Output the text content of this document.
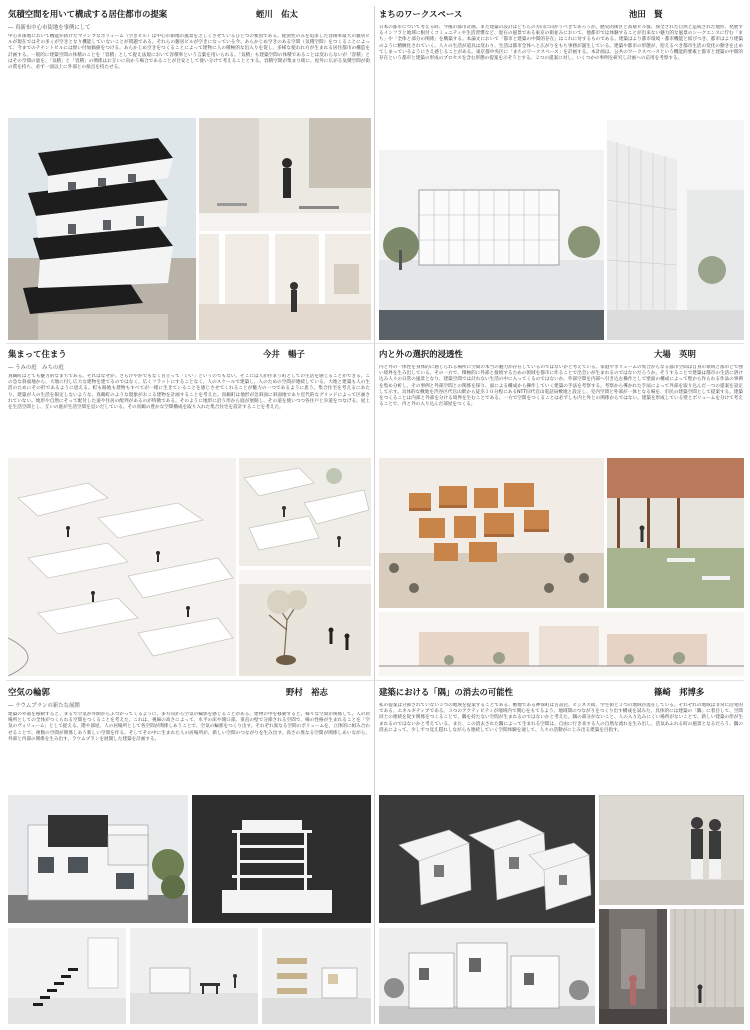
気積空間を用いて構成する居住都市の提案	蛭川　佑太
― 真新布中心市街地を事例にして
中心市街地において機能が抜けたマッシブなボリューム（空きビル）は中心市街地の風景を乏しくさせているひとつの要因である。経済性のみを追求した容積率最大の雑居ビルが現在ではその多くが空きとなり機能していないことが問題である。それらの雑居ビルが空きになっている今、あらかじめ空きのある空間（気積空間）をつくることによって、今までのテナントビルには無い付加価値をつける。あらかじめ空きをつくることによって建物に人の積極的な出入りを促し、多様な使われ方が生まれる居住都市の構造を計画する。一般的に建築空間の体積のことを「容積」として捉え法規において容積率という言葉を用いられる。「気積」も建築空間の体積であることは変わらないが「容積」とはその空間の量を、「気積」と「容積」の関係はお互いに向かう場合であることが目安として使い分けて考えることとする。容積空間が集まり街に、屋外に広がる気積空間が街の質を持ち、必ず一面以上に外部との接点を持たせる。
まちのワークスペース	池田　賢
日本の都市について考える時、今後の都市計画、また建築の設計はどちらの方向に向かうべきであろうか。歴史的街区と高層ビル群、保全された自然と造成された地形、発展するインフラと地域に根付くコミュニティや生活習慣など、混在の風景である東京の街並みにおいて、他都市では体験することが出来ない魅力的な風景のシークエンスに佇む「まち」や「全体と部分の関係」を構築する。本論文において「都市と建築の中間的存在」はこれに対するものである。建築はより都市環境・都市機能と結びつき、都市はより建築のように精緻化されていく。人々の生活が道具は変わり、生活は都市全体へと広がりをもち事務が誕生している。建築や都市の形態が、迎えるべき都市生活の変化の動きを止めてしまっているようにさえ感じることがある。東京都中央区に「まちのワークスペース」を計画する。本計画は、公共のワークスペースという機能的要素と都市と建築の中間的存在という都市と建築の形成のプロセスを含む形態の提案を示そうとする。２つの提案に対し、いくつかの事例を研究し計画への応用を考察する。
集まって住まう	今井　暢子
― うみの庭　みちの庭
真鶴町はとても魅力的なまちである。それはなぜか。さらけやかでもなく目立って「いい」というのでもない。そこには人が住まう町としての生活を感じることができる。この急な斜面地から、大地に付し広大な建物を建てるのではなく、広くフラットにすることなく、人のスケールで建築し、人のための空間が連続している。大地と建築も人の生活のためにその形であるように思える。町も路地も建物もすべてが一緒に生きていることを感じさせてくれることが魅力の一つであるように思う。集合住宅を考えるにあたり、建築が人の生活を限定しないような、真鶴町のような現象がおこる建物を計画することを考えた。真鶴町は地形が急斜面に斜面地であり近代的なグリッドによって区画されていない。地形や自然にそって配付した道や住居の配列があるのが特徴である。そのように地形に沿う形から庭が展開し、その道を使いつつ各住戸と歩道をつなげる。屋上を生活空間とし、互いの庭が生活空間を見いだしている。その真鶴の豊かな空間構成を取り入れた集合住宅を設計することを考えた。
内と外の選択的浸透性	大場　英明
内と外の一体性を身体的に感じられる場所に空間の本当の魅力が存在しているのではないかと考えている。家庭やボリュームの集合からなる都市空間は自身の領域と都市とで強い境界を生み出している。その一方で、積極的に外部と接続するための領域を都市に作ることで出会いが生まれるのではないだろうか。そうすることで建築は都市の生活に溶け込み人々の日常の風景となり、建築空間では計れない生活の中に入ってくるのではないか。外部空間を内部へ引き込む操作として壁面の構成によって壁から作られる作品の事例を集め分析し、その事例と外部空間との関係を探り、面による構成から操作していく建築の手法を考察する。考察から導かれた手法によって外部を取り込んだ一つの提案を設定して示す。具体的な敷地を渋谷区代官山駅から徒歩１０分程にあるNTT旧代官山電話局敷地と設定し、室内空間と外部が一体となる場を、市民の建築空間として提案する。建築をつくることは内部と外部を分ける境界を生むことである。一方で空間をつくることは必ずしも内と外との関係からではない。建築を形成している壁とボリュームを分けて考えることで、内と外の入り込んだ部屋をつくる。
空気の輪郭	野村　裕志
― ラウムプランの新たな展開
建築の外部を移動すると、まるで空気が外側からぶつかってくるように、多方向から空気の輪郭を感じることがある。建物の中を移動すると、様々な空間が関係して、人の居場所としての全体がつくられる空間をつくることを考えた。これは、視線の高さによって、水平の床や開口部、垂直の壁で分節される空間で、場の性格が生まれることを「空気のヴォリューム」として捉える。階や部屋、人の居場所として各空間が関係しあうことで、空気の輪郭をつくり出す。それぞれ異なる空間のボリュームを、立体的に組み合わせることで、複数の空間が関係しあう新しい空間を作る。そしてその中に生まれた人の居場所が、新しい空間のつながりを生み出す。高さの異なる空間が関係しあいながら、外部と内部の関係を生み出す、ラウムプランを展開した建築を計画する。
建築における「隅」の消去の可能性	篠崎　邦博多
私の提案は分節されていない３つの地域を提案することである。敷地である神保町は古書店、ビジネス街、学生街と３つの地域が混在している。それぞれの地域は非常に活発的である。エネルギティブである。３つのアクティビティが地域内で関心をもてるよう、地域間のつながりをつくり出す構成を試みた。具体的には建築の「隅」に着目して、空間同士の連続を促す関係をつくることで、隅を持たない空間が生まれるのではないかと考えた。隅の部分がないこと、人の入り込みにくい場所がないことで、新しい建築の形が生まれるのではないかと考えている。また、この消去された隅によって生まれる空間は、自由に行き来する人の自然な流れを生み出し、活気あふれる町の風景となるだろう。隅の消去によって、少しずつ見え隠れしながらも連続していく空間体験を通して、人々の活動がにじみ出る建築を目指す。
